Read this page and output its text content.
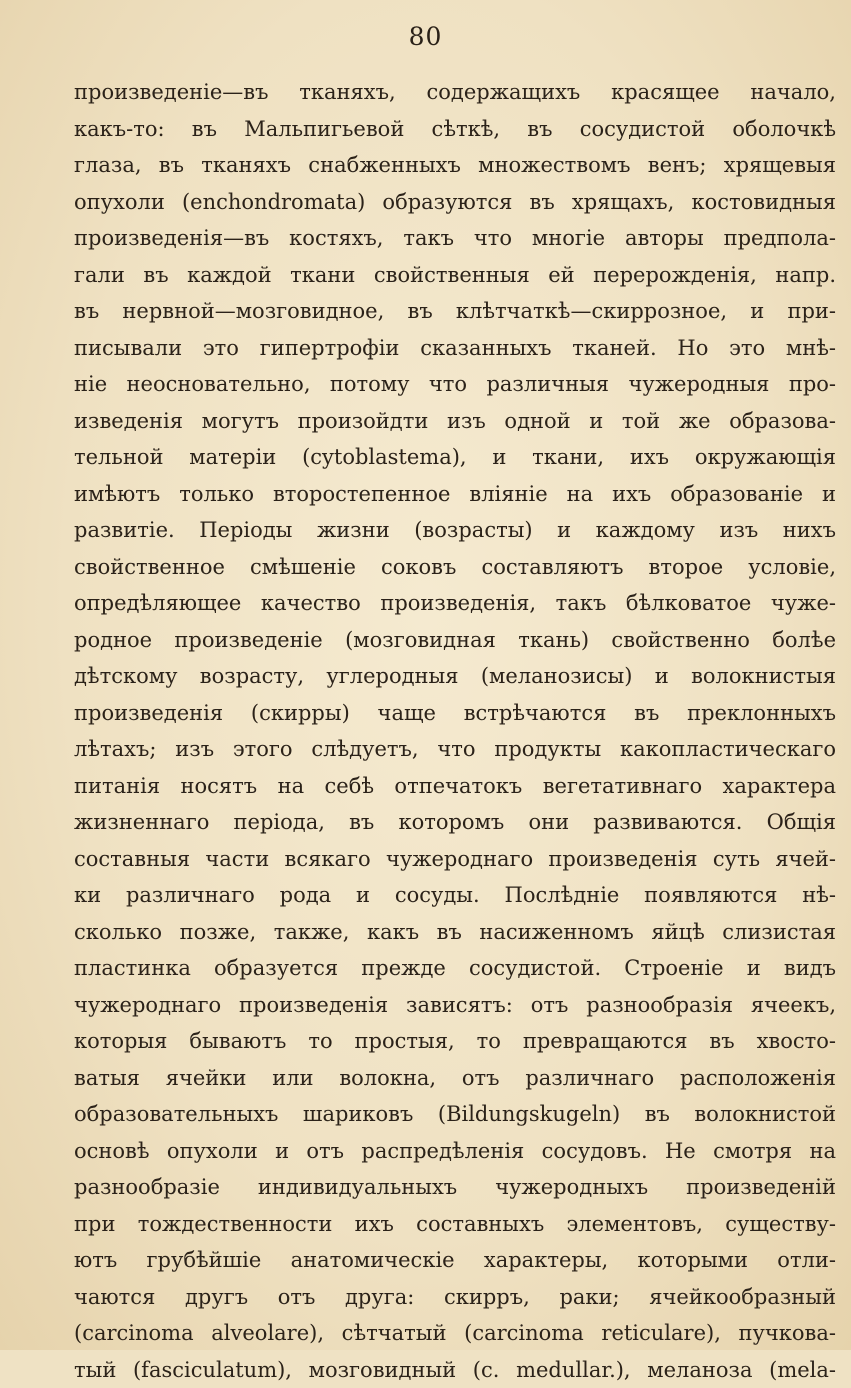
80
произведеніе—въ тканяхъ, содержащихъ красящее начало,
какъ-то: въ Мальпигьевой сѣткѣ, въ сосудистой оболочкѣ
глаза, въ тканяхъ снабженныхъ множествомъ венъ; хрящевыя
опухоли (enchondromata) образуются въ хрящахъ, костовидныя
произведенія—въ костяхъ, такъ что многіе авторы предпола-
гали въ каждой ткани свойственныя ей перерожденія, напр.
въ нервной—мозговидное, въ клѣтчаткѣ—скиррозное, и при-
писывали это гипертрофіи сказанныхъ тканей. Но это мнѣ-
ніе неосновательно, потому что различныя чужеродныя про-
изведенія могутъ произойдти изъ одной и той же образова-
тельной матеріи (cytoblastema), и ткани, ихъ окружающія
имѣютъ только второстепенное вліяніе на ихъ образованіе и
развитіе. Періоды жизни (возрасты) и каждому изъ нихъ
свойственное смѣшеніе соковъ составляютъ второе условіе,
опредѣляющее качество произведенія, такъ бѣлковатое чуже-
родное произведеніе (мозговидная ткань) свойственно болѣе
дѣтскому возрасту, углеродныя (меланозисы) и волокнистыя
произведенія (скирры) чаще встрѣчаются въ преклонныхъ
лѣтахъ; изъ этого слѣдуетъ, что продукты какопластическаго
питанія носятъ на себѣ отпечатокъ вегетативнаго характера
жизненнаго періода, въ которомъ они развиваются. Общія
составныя части всякаго чужероднаго произведенія суть ячей-
ки различнаго рода и сосуды. Послѣдніе появляются нѣ-
сколько позже, также, какъ въ насиженномъ яйцѣ слизистая
пластинка образуется прежде сосудистой. Строеніе и видъ
чужероднаго произведенія зависятъ: отъ разнообразія ячеекъ,
которыя бываютъ то простыя, то превращаются въ хвосто-
ватыя ячейки или волокна, отъ различнаго расположенія
образовательныхъ шариковъ (Bildungskugeln) въ волокнистой
основѣ опухоли и отъ распредѣленія сосудовъ. Не смотря на
разнообразіе индивидуальныхъ чужеродныхъ произведеній
при тождественности ихъ составныхъ элементовъ, существу-
ютъ грубѣйшіе анатомическіе характеры, которыми отли-
чаются другъ отъ друга: скирръ, раки; ячейкообразный
(carcinoma alveolare), сѣтчатый (carcinoma reticulare), пучкова-
тый (fasciculatum), мозговидный (c. medullar.), меланоза (mela-
